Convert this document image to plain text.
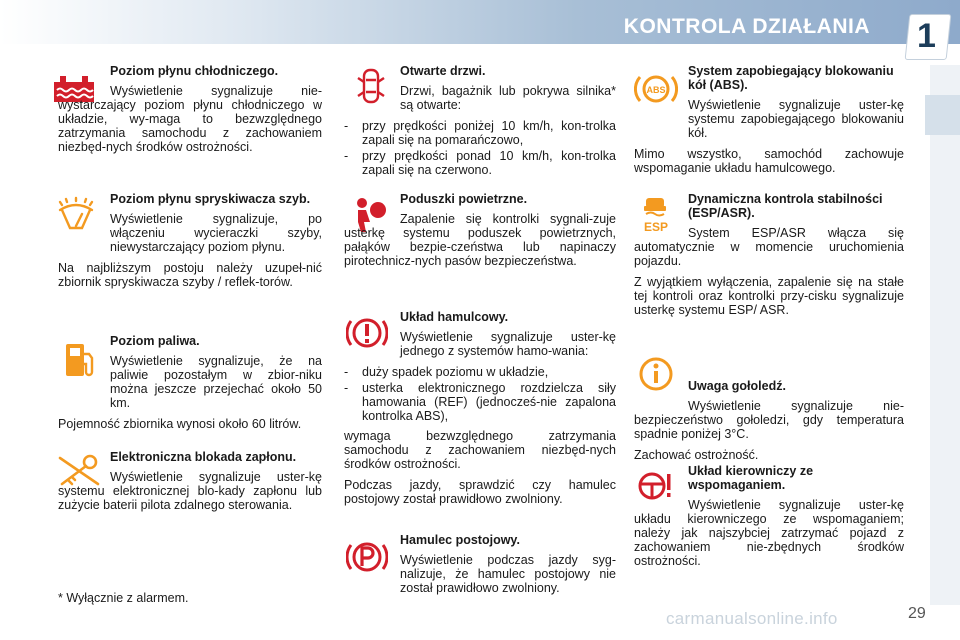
KONTROLA DZIAŁANIA 1
Poziom płynu chłodniczego.

Wyświetlenie sygnalizuje nie-wystarczający poziom płynu chłodniczego w układzie, wy-maga to bezwzględnego zatrzymania samochodu z zachowaniem niezbęd-nych środków ostrożności.

Poziom płynu spryskiwacza szyb.

Wyświetlenie sygnalizuje, po włączeniu wycieraczki szyby, niewystarczający poziom płynu.

Na najbliższym postoju należy uzupeł-nić zbiornik spryskiwacza szyby / reflek-torów.

Poziom paliwa.

Wyświetlenie sygnalizuje, że na paliwie pozostałym w zbior-niku można jeszcze przejechać około 50 km.

Pojemność zbiornika wynosi około 60 litrów.

Elektroniczna blokada zapłonu.

Wyświetlenie sygnalizuje uster-kę systemu elektronicznej blo-kady zapłonu lub zużycie baterii pilota zdalnego sterowania.

* Wyłącznie z alarmem.
Otwarte drzwi.

Drzwi, bagażnik lub pokrywa silnika* są otwarte:

-	przy prędkości poniżej 10 km/h, kon-trolka zapali się na pomarańczowo,
-	przy prędkości ponad 10 km/h, kon-trolka zapali się na czerwono.
Poduszki powietrzne.

Zapalenie się kontrolki sygnali-zuje usterkę systemu poduszek powietrznych, pałąków bezpie-czeństwa lub napinaczy pirotechnicz-nych pasów bezpieczeństwa.

Układ hamulcowy.

Wyświetlenie sygnalizuje uster-kę jednego z systemów hamo-wania:

-	duży spadek poziomu w układzie,
-	usterka elektronicznego rozdzielcza siły hamowania (REF) (jednocześ-nie zapalona kontrolka ABS),

wymaga bezwzględnego zatrzymania samochodu z zachowaniem niezbęd-nych środków ostrożności.

Podczas jazdy, sprawdzić czy hamulec postojowy został prawidłowo zwolniony.

Hamulec postojowy.

Wyświetlenie podczas jazdy syg-nalizuje, że hamulec postojowy nie został prawidłowo zwolniony.

ABS
System zapobiegający blokowaniu kół (ABS).

Wyświetlenie sygnalizuje uster-kę systemu zapobiegającego blokowaniu kół.

Mimo wszystko, samochód zachowuje wspomaganie układu hamulcowego.

ESP
Dynamiczna kontrola stabilności (ESP/ASR).

System ESP/ASR włącza się automatycznie w momencie uruchomienia pojazdu.

Z wyjątkiem wyłączenia, zapalenie się na stałe tej kontroli oraz kontrolki przy-cisku sygnalizuje usterkę systemu ESP/ ASR.

Uwaga gołoledź.

Wyświetlenie sygnalizuje nie-bezpieczeństwo gołoledzi, gdy temperatura spadnie poniżej 3°C.

Zachować ostrożność.

Układ kierowniczy ze wspomaganiem.

Wyświetlenie sygnalizuje uster-kę układu kierowniczego ze wspomaganiem; należy jak najszybciej zatrzymać pojazd z zachowaniem nie-zbędnych środków ostrożności.

29
carmanualsonline.info
